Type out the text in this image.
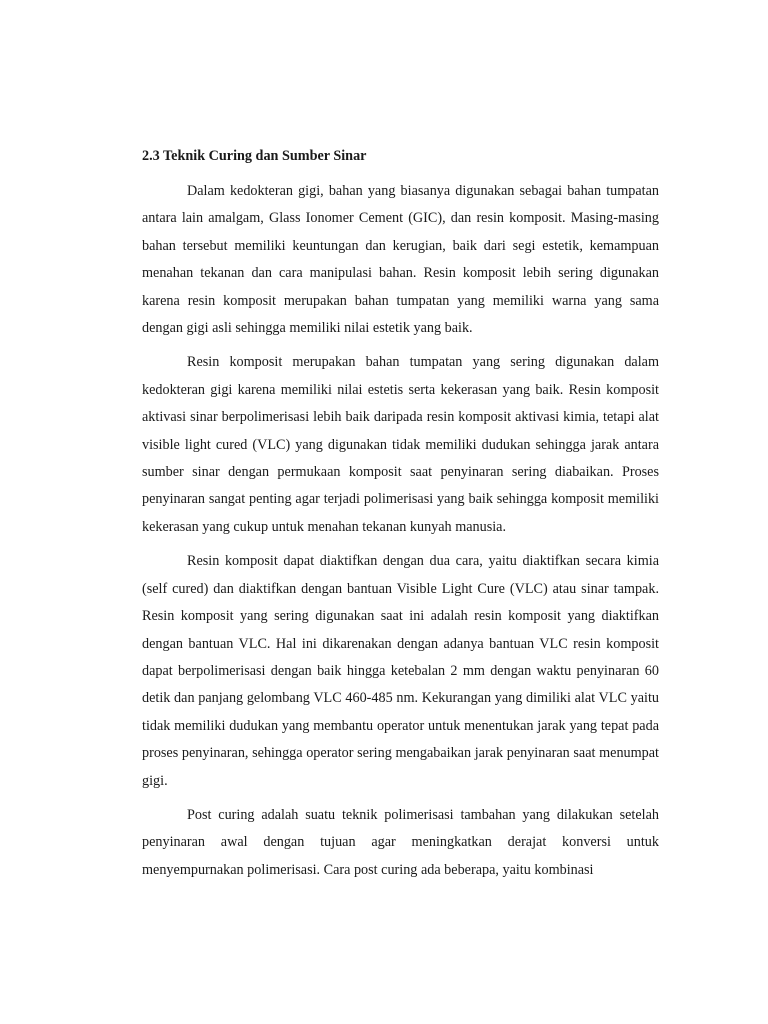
2.3 Teknik Curing dan Sumber Sinar

Dalam kedokteran gigi, bahan yang biasanya digunakan sebagai bahan tumpatan antara lain amalgam, Glass Ionomer Cement (GIC), dan resin komposit. Masing-masing bahan tersebut memiliki keuntungan dan kerugian, baik dari segi estetik, kemampuan menahan tekanan dan cara manipulasi bahan. Resin komposit lebih sering digunakan karena resin komposit merupakan bahan tumpatan yang memiliki warna yang sama dengan gigi asli sehingga memiliki nilai estetik yang baik.

Resin komposit merupakan bahan tumpatan yang sering digunakan dalam kedokteran gigi karena memiliki nilai estetis serta kekerasan yang baik. Resin komposit aktivasi sinar berpolimerisasi lebih baik daripada resin komposit aktivasi kimia, tetapi alat visible light cured (VLC) yang digunakan tidak memiliki dudukan sehingga jarak antara sumber sinar dengan permukaan komposit saat penyinaran sering diabaikan. Proses penyinaran sangat penting agar terjadi polimerisasi yang baik sehingga komposit memiliki kekerasan yang cukup untuk menahan tekanan kunyah manusia.

Resin komposit dapat diaktifkan dengan dua cara, yaitu diaktifkan secara kimia (self cured) dan diaktifkan dengan bantuan Visible Light Cure (VLC) atau sinar tampak. Resin komposit yang sering digunakan saat ini adalah resin komposit yang diaktifkan dengan bantuan VLC. Hal ini dikarenakan dengan adanya bantuan VLC resin komposit dapat berpolimerisasi dengan baik hingga ketebalan 2 mm dengan waktu penyinaran 60 detik dan panjang gelombang VLC 460-485 nm. Kekurangan yang dimiliki alat VLC yaitu tidak memiliki dudukan yang membantu operator untuk menentukan jarak yang tepat pada proses penyinaran, sehingga operator sering mengabaikan jarak penyinaran saat menumpat gigi.

Post curing adalah suatu teknik polimerisasi tambahan yang dilakukan setelah penyinaran awal dengan tujuan agar meningkatkan derajat konversi untuk menyempurnakan polimerisasi. Cara post curing ada beberapa, yaitu kombinasi
